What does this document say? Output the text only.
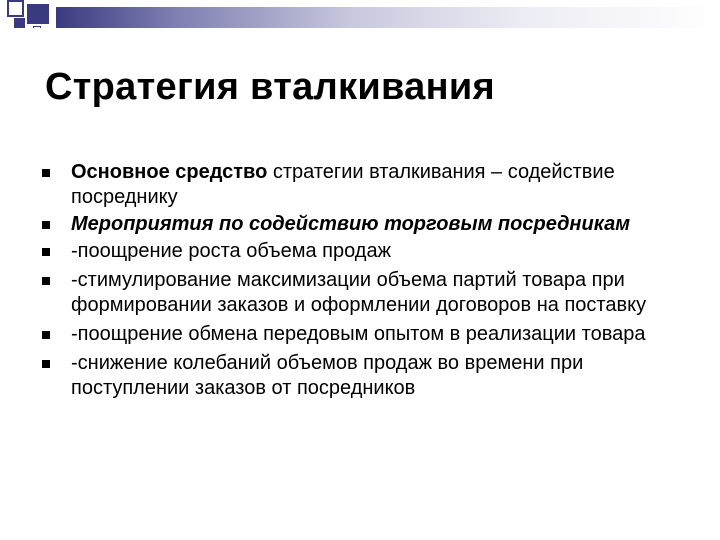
Стратегия вталкивания
Основное средство стратегии вталкивания – содействие посреднику
Мероприятия по содействию торговым посредникам
-поощрение роста объема продаж
-стимулирование максимизации объема партий товара при формировании заказов и оформлении договоров на поставку
-поощрение обмена передовым опытом в реализации товара
-снижение колебаний объемов продаж во времени при поступлении заказов от посредников
